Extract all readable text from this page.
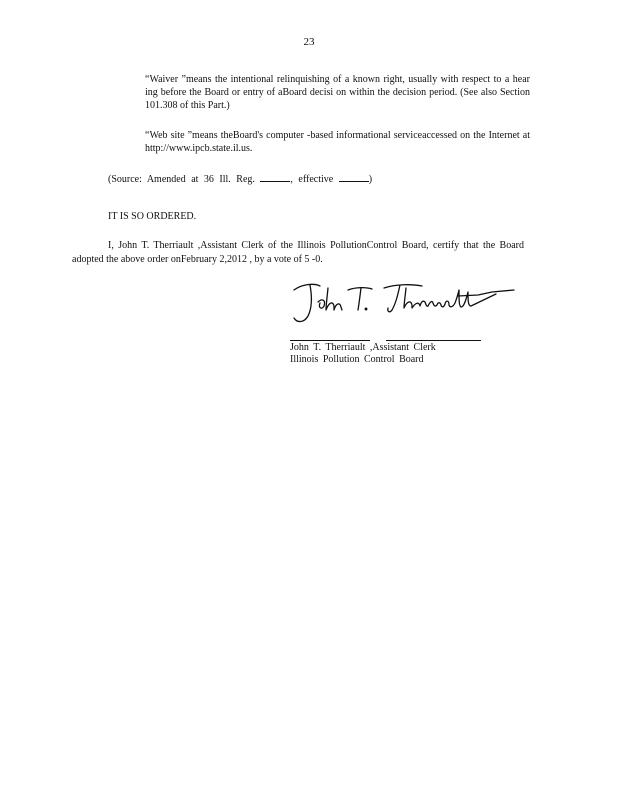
23
“Waiver ”means the intentional relinquishing of a known right, usually with respect to a hear ing before the Board or entry of aBoard decisi on within the decision period. (See also Section 101.308 of this Part.)
“Web site ”means theBoard's computer -based informational serviceaccessed on the Internet at http://www.ipcb.state.il.us.
(Source: Amended at 36 Ill. Reg.	, effective	)
IT IS SO ORDERED.
I, John T. Therriault ,Assistant Clerk of the Illinois PollutionControl Board, certify that the Board adopted the above order onFebruary 2,2012 , by a vote of 5 -0.
John T. Therriault ,Assistant Clerk
Illinois Pollution Control Board
